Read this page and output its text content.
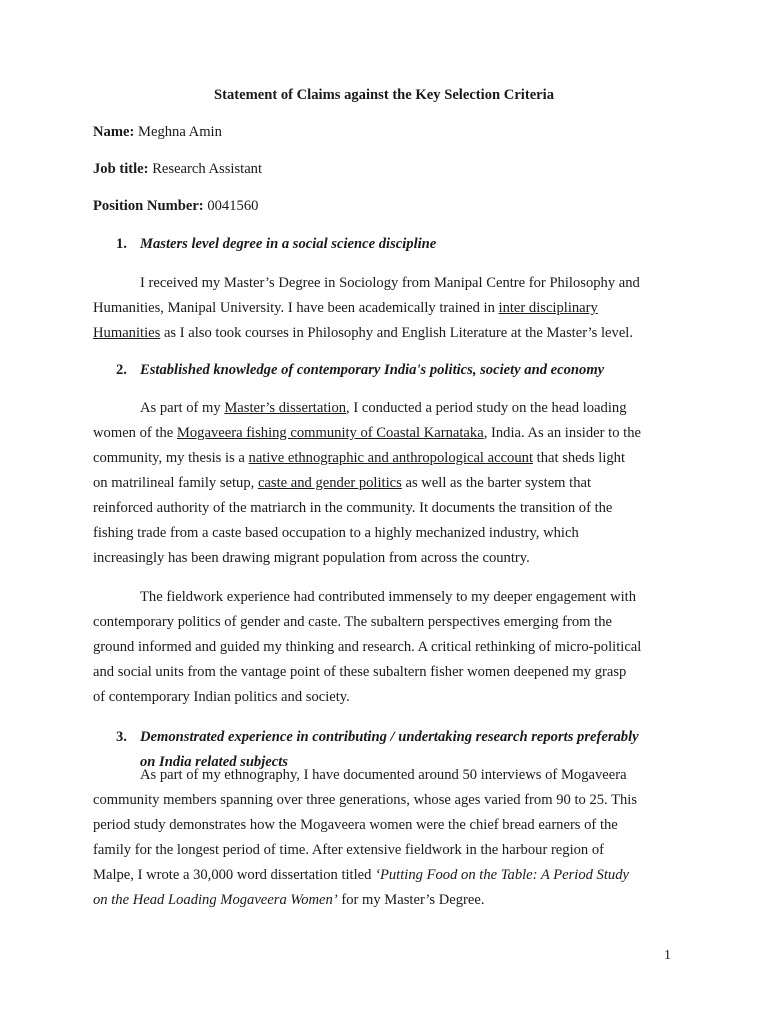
Statement of Claims against the Key Selection Criteria
Name: Meghna Amin
Job title: Research Assistant
Position Number: 0041560
1. Masters level degree in a social science discipline
I received my Master’s Degree in Sociology from Manipal Centre for Philosophy and
Humanities, Manipal University. I have been academically trained in inter disciplinary
Humanities as I also took courses in Philosophy and English Literature at the Master’s level.
2. Established knowledge of contemporary India's politics, society and economy
As part of my Master’s dissertation, I conducted a period study on the head loading
women of the Mogaveera fishing community of Coastal Karnataka, India. As an insider to the
community, my thesis is a native ethnographic and anthropological account that sheds light
on matrilineal family setup, caste and gender politics as well as the barter system that
reinforced authority of the matriarch in the community. It documents the transition of the
fishing trade from a caste based occupation to a highly mechanized industry, which
increasingly has been drawing migrant population from across the country.
The fieldwork experience had contributed immensely to my deeper engagement with
contemporary politics of gender and caste. The subaltern perspectives emerging from the
ground informed and guided my thinking and research. A critical rethinking of micro-political
and social units from the vantage point of these subaltern fisher women deepened my grasp
of contemporary Indian politics and society.
3. Demonstrated experience in contributing / undertaking research reports preferably
on India related subjects
As part of my ethnography, I have documented around 50 interviews of Mogaveera
community members spanning over three generations, whose ages varied from 90 to 25. This
period study demonstrates how the Mogaveera women were the chief bread earners of the
family for the longest period of time. After extensive fieldwork in the harbour region of
Malpe, I wrote a 30,000 word dissertation titled ‘Putting Food on the Table: A Period Study
on the Head Loading Mogaveera Women’ for my Master’s Degree.
1
